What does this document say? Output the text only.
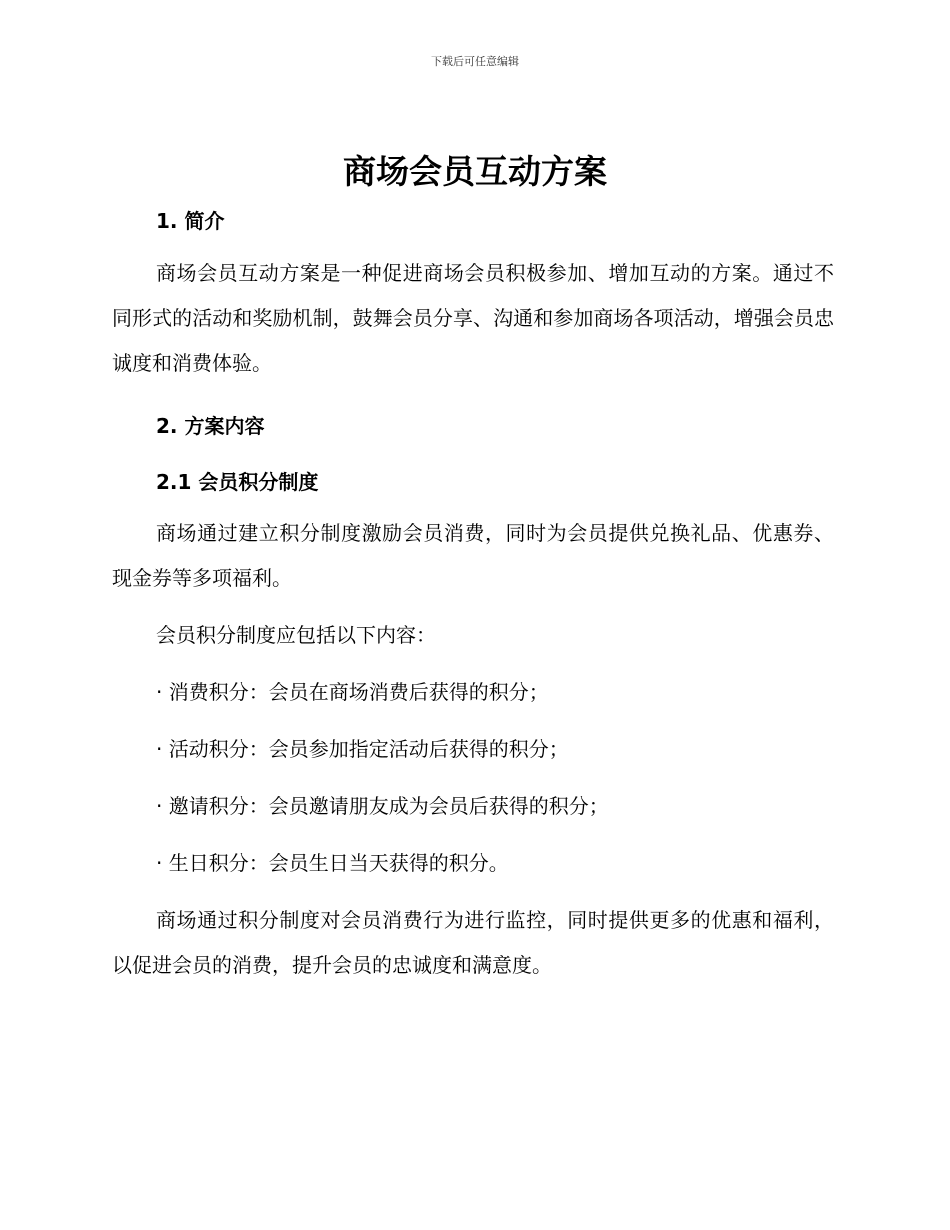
下载后可任意编辑
商场会员互动方案
1. 简介

商场会员互动方案是一种促进商场会员积极参加、增加互动的方案。通过不同形式的活动和奖励机制，鼓舞会员分享、沟通和参加商场各项活动，增强会员忠诚度和消费体验。

2. 方案内容
2.1 会员积分制度

商场通过建立积分制度激励会员消费，同时为会员提供兑换礼品、优惠券、现金券等多项福利。

会员积分制度应包括以下内容：

· 消费积分：会员在商场消费后获得的积分；
· 活动积分：会员参加指定活动后获得的积分；
· 邀请积分：会员邀请朋友成为会员后获得的积分；
· 生日积分：会员生日当天获得的积分。

商场通过积分制度对会员消费行为进行监控，同时提供更多的优惠和福利，以促进会员的消费，提升会员的忠诚度和满意度。
